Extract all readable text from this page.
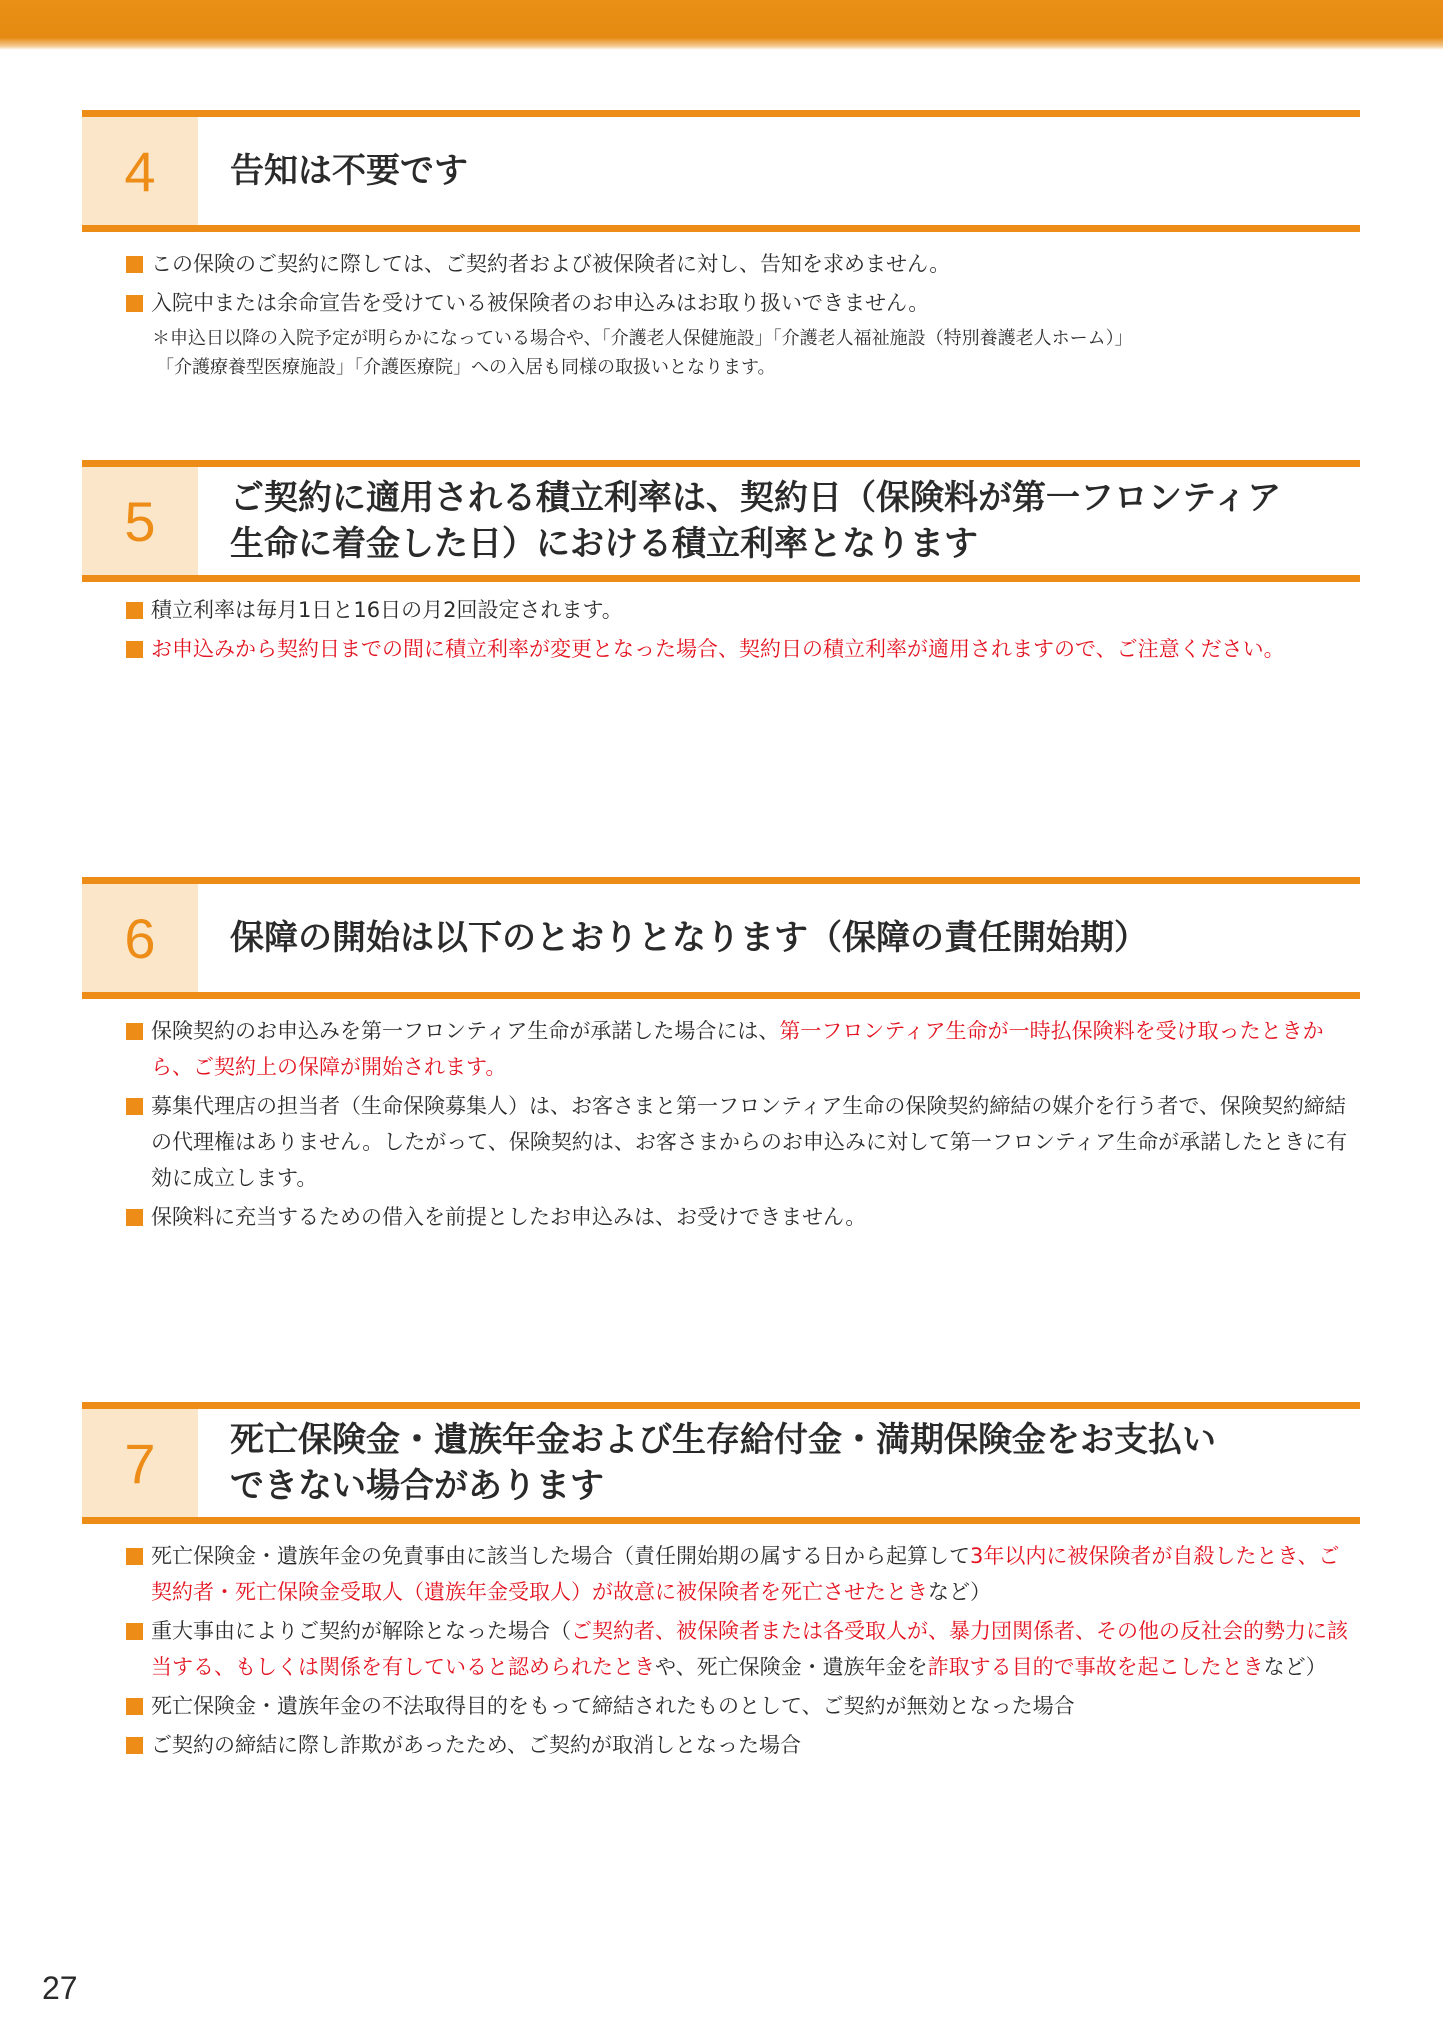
4	告知は不要です
この保険のご契約に際しては、ご契約者および被保険者に対し、告知を求めません。
入院中または余命宣告を受けている被保険者のお申込みはお取り扱いできません。
＊申込日以降の入院予定が明らかになっている場合や、「介護老人保健施設」「介護老人福祉施設（特別養護老人ホーム）」
「介護療養型医療施設」「介護医療院」への入居も同様の取扱いとなります。
5	ご契約に適用される積立利率は、契約日（保険料が第一フロンティア
生命に着金した日）における積立利率となります
積立利率は毎月1日と16日の月2回設定されます。
お申込みから契約日までの間に積立利率が変更となった場合、契約日の積立利率が適用されますので、ご注意ください。
6	保障の開始は以下のとおりとなります（保障の責任開始期）
保険契約のお申込みを第一フロンティア生命が承諾した場合には、第一フロンティア生命が一時払保険料を受け取ったときから、ご契約上の保障が開始されます。
募集代理店の担当者（生命保険募集人）は、お客さまと第一フロンティア生命の保険契約締結の媒介を行う者で、保険契約締結の代理権はありません。したがって、保険契約は、お客さまからのお申込みに対して第一フロンティア生命が承諾したときに有効に成立します。
保険料に充当するための借入を前提としたお申込みは、お受けできません。
7	死亡保険金・遺族年金および生存給付金・満期保険金をお支払い
できない場合があります
死亡保険金・遺族年金の免責事由に該当した場合（責任開始期の属する日から起算して3年以内に被保険者が自殺したとき、ご契約者・死亡保険金受取人（遺族年金受取人）が故意に被保険者を死亡させたときなど）
重大事由によりご契約が解除となった場合（ご契約者、被保険者または各受取人が、暴力団関係者、その他の反社会的勢力に該当する、もしくは関係を有していると認められたときや、死亡保険金・遺族年金を詐取する目的で事故を起こしたときなど）
死亡保険金・遺族年金の不法取得目的をもって締結されたものとして、ご契約が無効となった場合
ご契約の締結に際し詐欺があったため、ご契約が取消しとなった場合
27
